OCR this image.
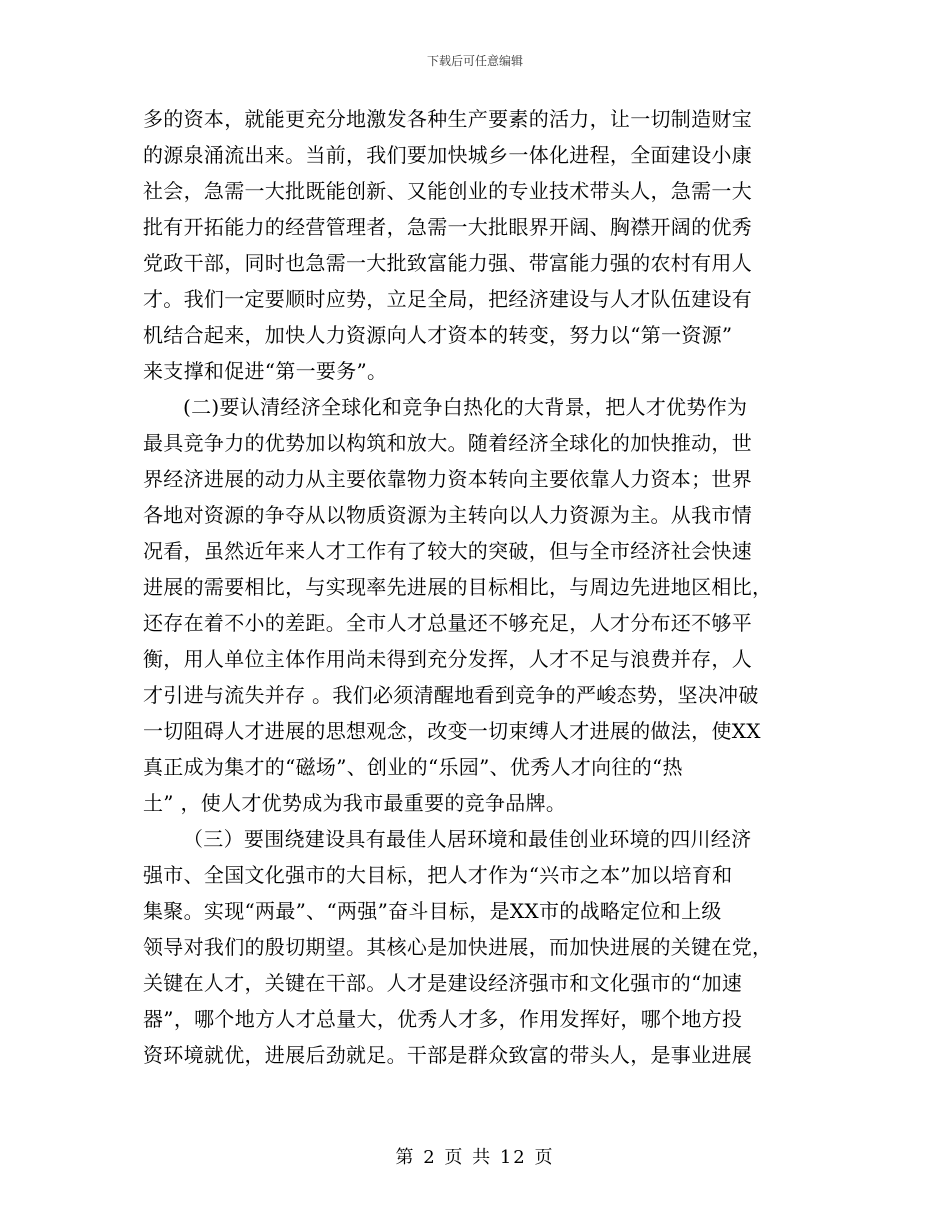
下载后可任意编辑
多的资本，就能更充分地激发各种生产要素的活力，让一切制造财宝
的源泉涌流出来。当前，我们要加快城乡一体化进程，全面建设小康
社会，急需一大批既能创新、又能创业的专业技术带头人，急需一大
批有开拓能力的经营管理者，急需一大批眼界开阔、胸襟开阔的优秀
党政干部，同时也急需一大批致富能力强、带富能力强的农村有用人
才。我们一定要顺时应势，立足全局，把经济建设与人才队伍建设有
机结合起来，加快人力资源向人才资本的转变，努力以“第一资源”
来支撑和促进“第一要务”。
(二)要认清经济全球化和竞争白热化的大背景，把人才优势作为
最具竞争力的优势加以构筑和放大。随着经济全球化的加快推动，世
界经济进展的动力从主要依靠物力资本转向主要依靠人力资本；世界
各地对资源的争夺从以物质资源为主转向以人力资源为主。从我市情
况看，虽然近年来人才工作有了较大的突破，但与全市经济社会快速
进展的需要相比，与实现率先进展的目标相比，与周边先进地区相比，
还存在着不小的差距。全市人才总量还不够充足，人才分布还不够平
衡，用人单位主体作用尚未得到充分发挥，人才不足与浪费并存，人
才引进与流失并存 。我们必须清醒地看到竞争的严峻态势，坚决冲破
一切阻碍人才进展的思想观念，改变一切束缚人才进展的做法，使XX
真正成为集才的“磁场”、创业的“乐园”、优秀人才向往的“热
土” ，使人才优势成为我市最重要的竞争品牌。
（三）要围绕建设具有最佳人居环境和最佳创业环境的四川经济
强市、全国文化强市的大目标，把人才作为“兴市之本”加以培育和
集聚。实现“两最”、“两强”奋斗目标，是XX市的战略定位和上级
领导对我们的殷切期望。其核心是加快进展，而加快进展的关键在党，
关键在人才，关键在干部。人才是建设经济强市和文化强市的“加速
器”，哪个地方人才总量大，优秀人才多，作用发挥好，哪个地方投
资环境就优，进展后劲就足。干部是群众致富的带头人，是事业进展
第 2 页 共 12 页
